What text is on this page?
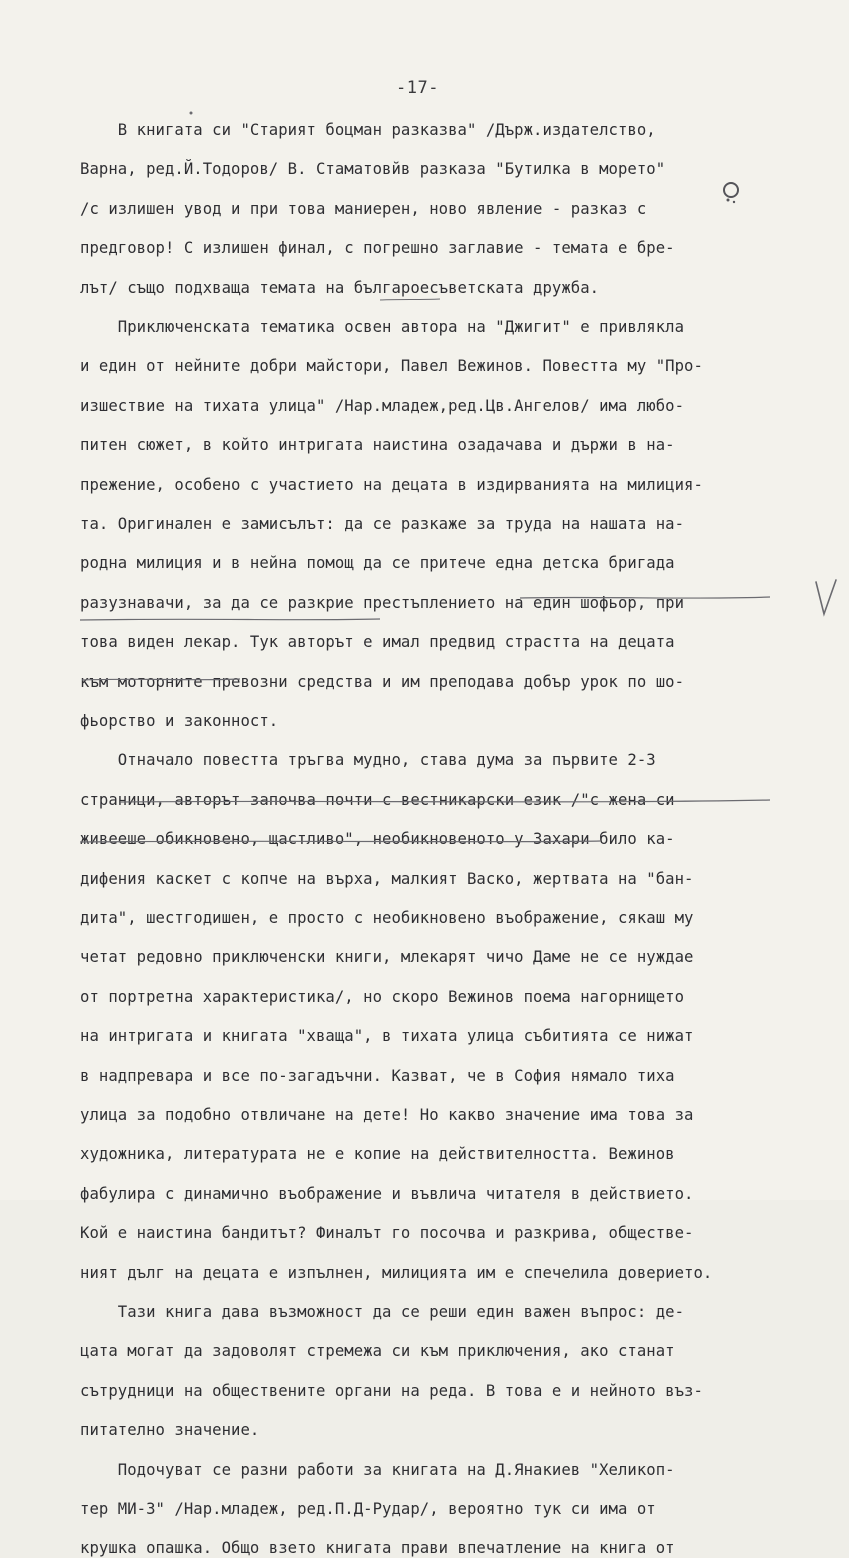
-17-
В книгата си "Старият боцман разказва" /Държ.издателство,
Варна, ред.Й.Тодоров/ В. Стаматовйв разказа "Бутилка в морето"
/с излишен увод и при това маниерен, ново явление - разказ с
предговор! С излишен финал, с погрешно заглавие - темата е бре-
лът/ също подхваща темата на българоесъветската дружба.
Приключенската тематика освен автора на "Джигит" е привлякла
и един от нейните добри майстори, Павел Вежинов. Повестта му "Про-
изшествие на тихата улица" /Нар.младеж,ред.Цв.Ангелов/ има любо-
питен сюжет, в който интригата наистина озадачава и държи в на-
прежение, особено с участието на децата в издирванията на милиция-
та. Оригинален е замисълът: да се разкаже за труда на нашата на-
родна милиция и в нейна помощ да се притече една детска бригада
разузнавачи, за да се разкрие престъплението на един шофьор, при
това виден лекар. Тук авторът е имал предвид страстта на децата
към моторните превозни средства и им преподава добър урок по шо-
фьорство и законност.
Отначало повестта тръгва мудно, става дума за първите 2-3
страници, авторът започва почти с вестникарски език /"с жена си
живееше обикновено, щастливо", необикновеното у Захари било ка-
дифения каскет с копче на върха, малкият Васко, жертвата на "бан-
дита", шестгодишен, е просто с необикновено въображение, сякаш му
четат редовно приключенски книги, млекарят чичо Даме не се нуждае
от портретна характеристика/, но скоро Вежинов поема нагорнището
на интригата и книгата "хваща", в тихата улица събитията се нижат
в надпревара и все по-загадъчни. Казват, че в София нямало тиха
улица за подобно отвличане на дете! Но какво значение има това за
художника, литературата не е копие на действителността. Вежинов
фабулира с динамично въображение и въвлича читателя в действието.
Кой е наистина бандитът? Финалът го посочва и разкрива, обществе-
ният дълг на децата е изпълнен, милицията им е спечелила доверието.
Тази книга дава възможност да се реши един важен въпрос: де-
цата могат да задоволят стремежа си към приключения, ако станат
сътрудници на обществените органи на реда. В това е и нейното въз-
питателно значение.
Подочуват се разни работи за книгата на Д.Янакиев "Хеликоп-
тер МИ-3" /Нар.младеж, ред.П.Д-Рудар/, вероятно тук си има от
крушка опашка. Общо взето книгата прави впечатление на книга от
